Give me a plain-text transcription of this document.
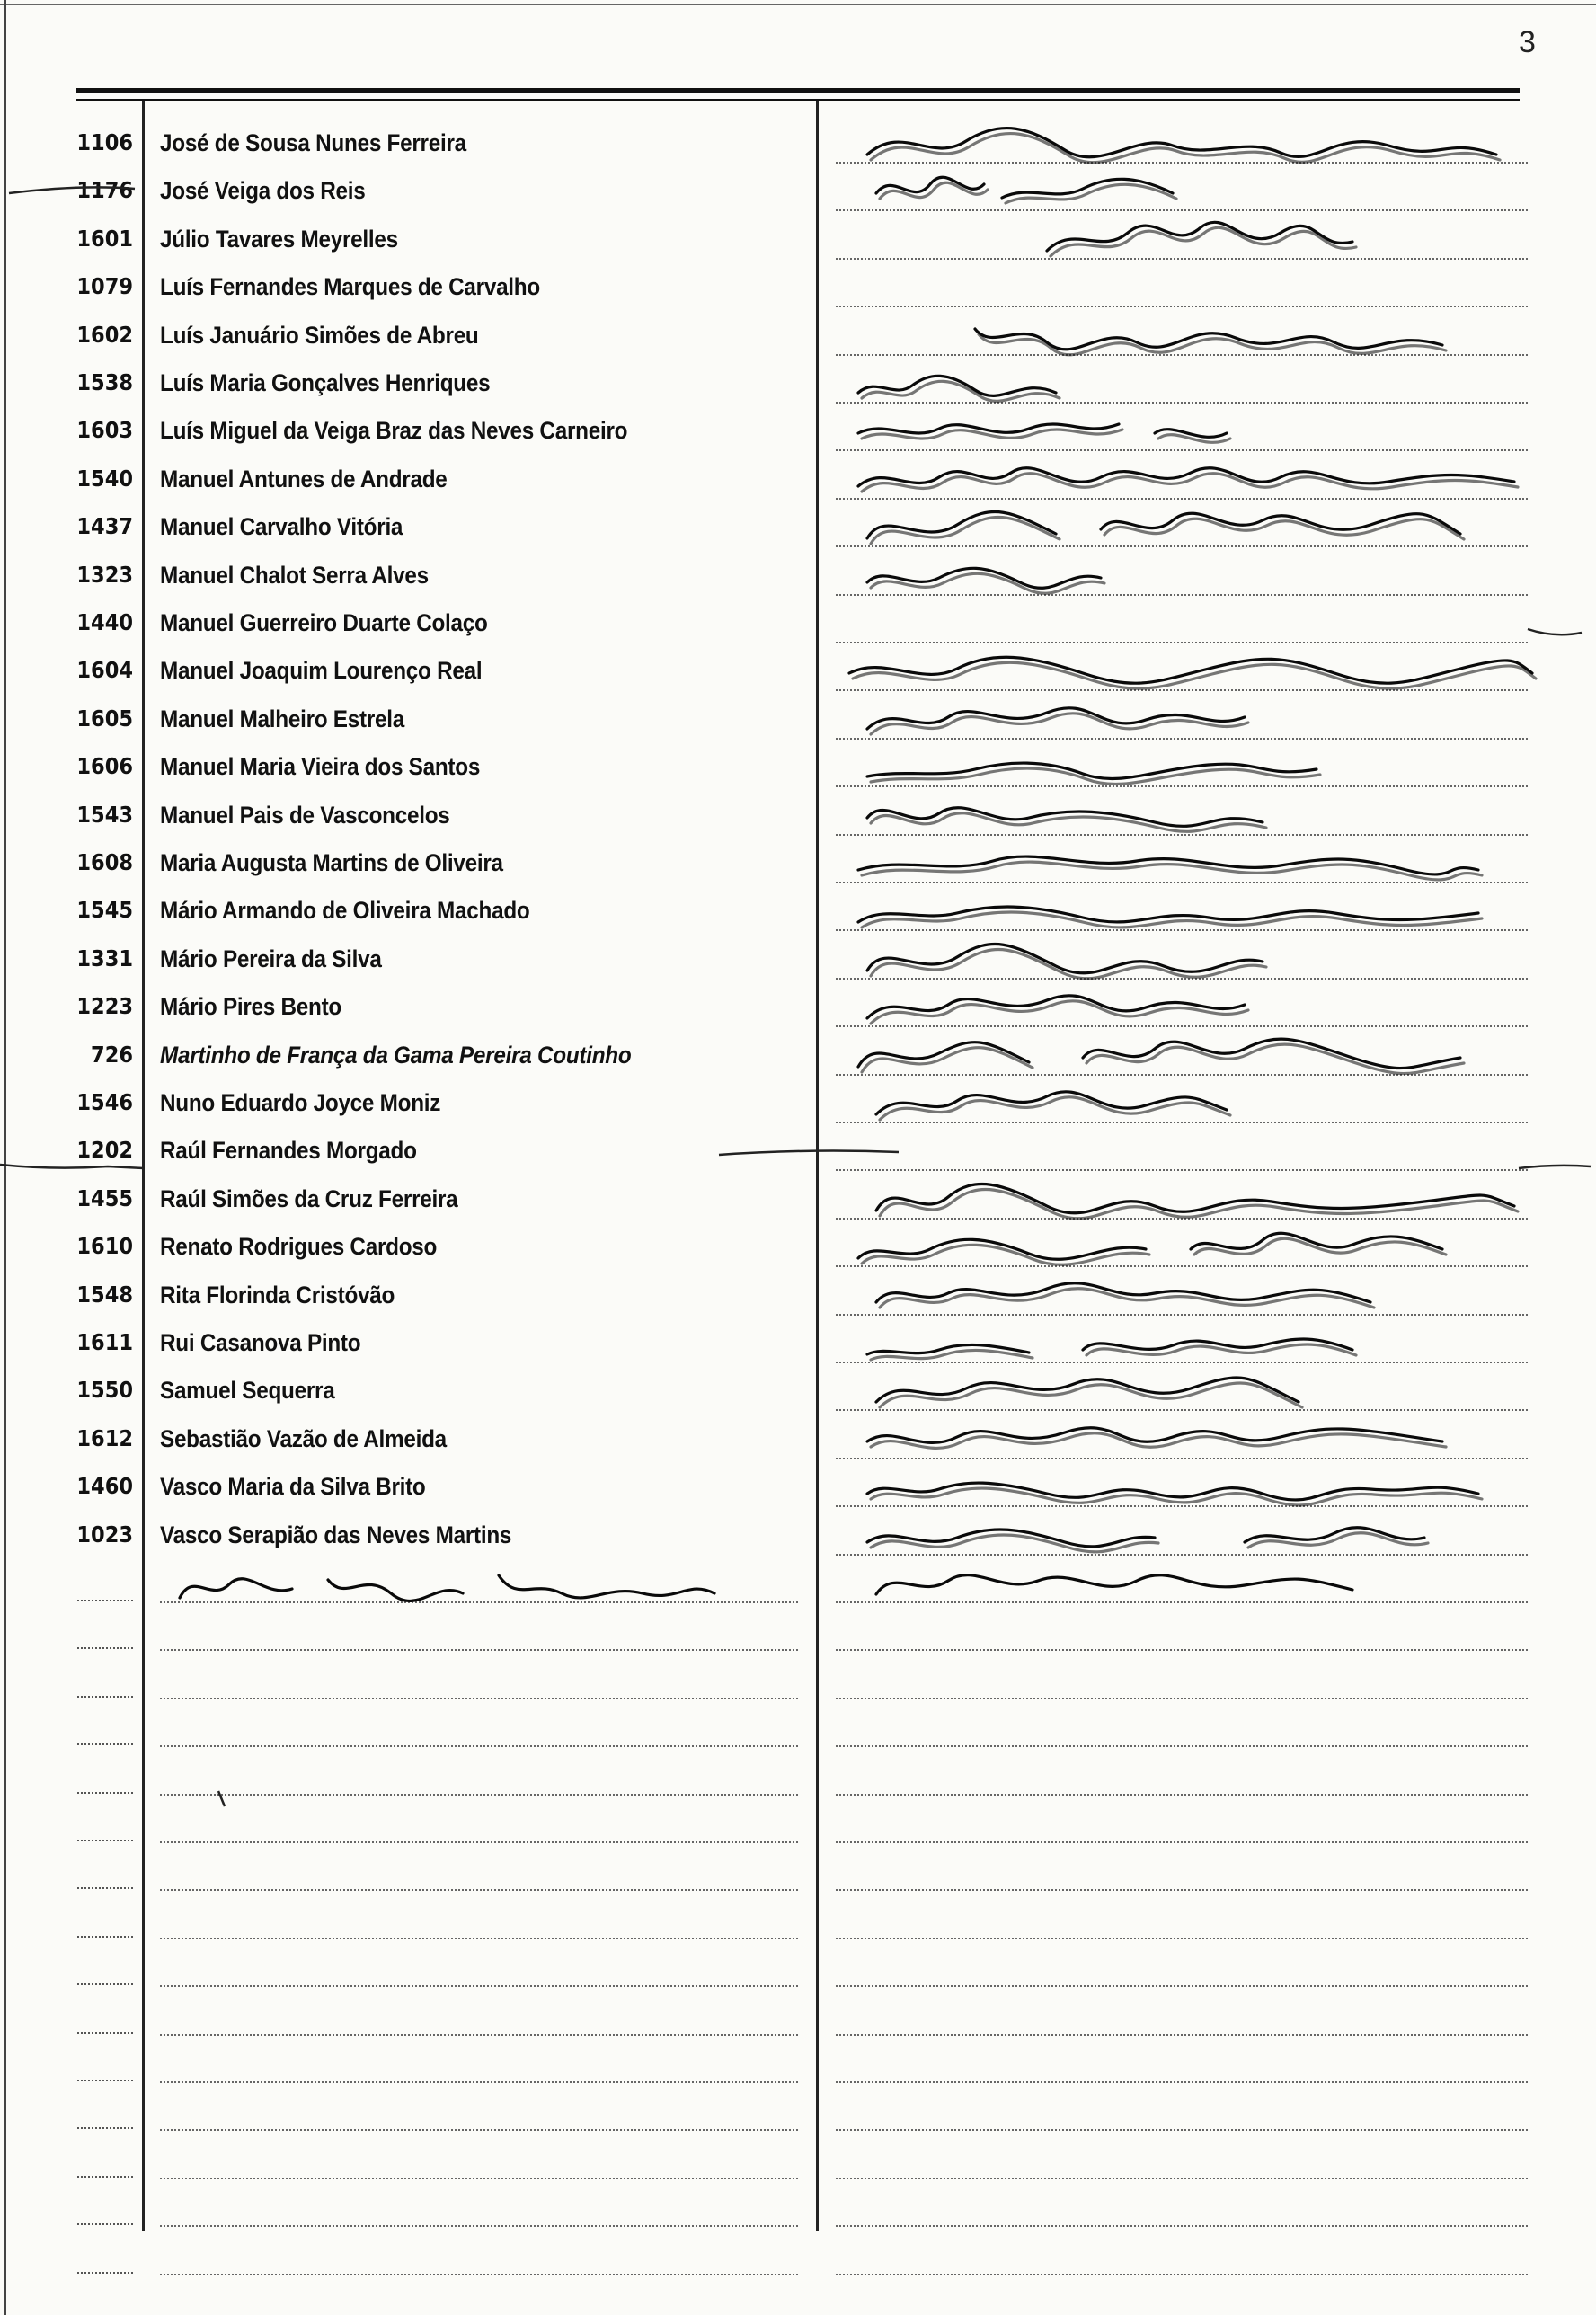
3
1106 José de Sousa Nunes Ferreira
1176 José Veiga dos Reis
1601 Júlio Tavares Meyrelles
1079 Luís Fernandes Marques de Carvalho
1602 Luís Januário Simões de Abreu
1538 Luís Maria Gonçalves Henriques
1603 Luís Miguel da Veiga Braz das Neves Carneiro
1540 Manuel Antunes de Andrade
1437 Manuel Carvalho Vitória
1323 Manuel Chalot Serra Alves
1440 Manuel Guerreiro Duarte Colaço
1604 Manuel Joaquim Lourenço Real
1605 Manuel Malheiro Estrela
1606 Manuel Maria Vieira dos Santos
1543 Manuel Pais de Vasconcelos
1608 Maria Augusta Martins de Oliveira
1545 Mário Armando de Oliveira Machado
1331 Mário Pereira da Silva
1223 Mário Pires Bento
726 Martinho de França da Gama Pereira Coutinho
1546 Nuno Eduardo Joyce Moniz
1202 Raúl Fernandes Morgado
1455 Raúl Simões da Cruz Ferreira
1610 Renato Rodrigues Cardoso
1548 Rita Florinda Cristóvão
1611 Rui Casanova Pinto
1550 Samuel Sequerra
1612 Sebastião Vazão de Almeida
1460 Vasco Maria da Silva Brito
1023 Vasco Serapião das Neves Martins
